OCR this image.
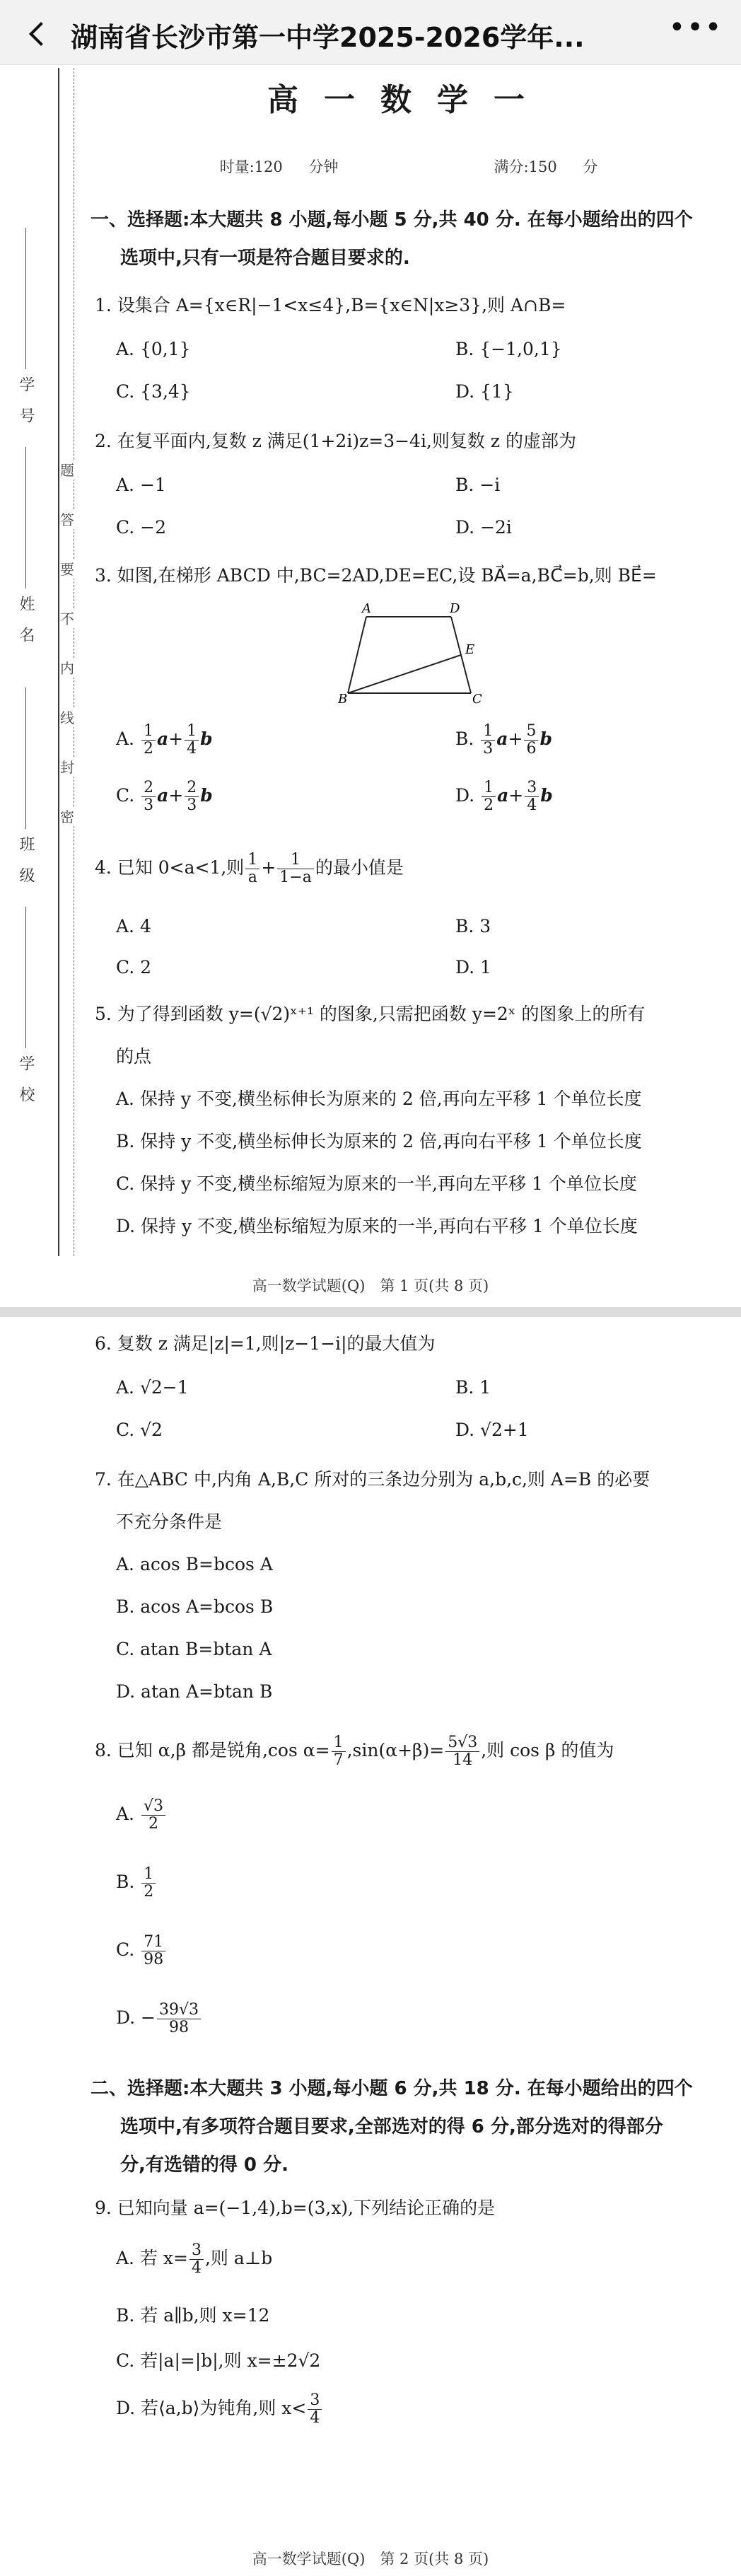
湖南省长沙市第一中学2025-2026学年...	•••
学　号
姓　名
班　级
学　校
题
答
要
不
内
线
封
密
高一数学一
时量:120 分钟	满分:150 分
一、选择题:本大题共 8 小题,每小题 5 分,共 40 分. 在每小题给出的四个
选项中,只有一项是符合题目要求的.
1. 设集合 A={x∈R|−1<x≤4},B={x∈N|x≥3},则 A∩B=
A. {0,1}	B. {−1,0,1}
C. {3,4}	D. {1}
2. 在复平面内,复数 z 满足(1+2i)z=3−4i,则复数 z 的虚部为
A. −1	B. −i
C. −2	D. −2i
3. 如图,在梯形 ABCD 中,BC=2AD,DE=EC,设 BA⃗=a,BC⃗=b,则 BE⃗=
A	D
E
B	C
A. $\frac{1}{2} a+ \frac{1}{4}$ b	B. $\frac{1}{3} a+ \frac{5}{6}$ b
C. $\frac{2}{3} a+ \frac{2}{3}$ b	D. $\frac{1}{2} a+ \frac{3}{4}$ b
4. 已知 0<a<1,则 $\frac{1}{a} + \frac{1}{1-a}$ 的最小值是
A. 4	B. 3
C. 2	D. 1
5. 为了得到函数 y=(√2)ˣ⁺¹ 的图象,只需把函数 y=2ˣ 的图象上的所有
的点
A. 保持 y 不变,横坐标伸长为原来的 2 倍,再向左平移 1 个单位长度
B. 保持 y 不变,横坐标伸长为原来的 2 倍,再向右平移 1 个单位长度
C. 保持 y 不变,横坐标缩短为原来的一半,再向左平移 1 个单位长度
D. 保持 y 不变,横坐标缩短为原来的一半,再向右平移 1 个单位长度
高一数学试题(Q)　第 1 页(共 8 页)
6. 复数 z 满足|z|=1,则|z−1−i|的最大值为
A. √2−1	B. 1
C. √2	D. √2+1
7. 在△ABC 中,内角 A,B,C 所对的三条边分别为 a,b,c,则 A=B 的必要
不充分条件是
A. acos B=bcos A
B. acos A=bcos B
C. atan B=btan A
D. atan A=btan B
8. 已知 α,β 都是锐角,cos $\alpha= \frac{1}{7} ,\sin(\alpha+\beta)= \frac{5√3}{14}$ ,则 cos β 的值为
A. $\frac{√3}{2}$
B. $\frac{1}{2}$
C. $\frac{71}{98}$
D. − $\frac{39√3}{98}$
二、选择题:本大题共 3 小题,每小题 6 分,共 18 分. 在每小题给出的四个
选项中,有多项符合题目要求,全部选对的得 6 分,部分选对的得部分
分,有选错的得 0 分.
9. 已知向量 a=(−1,4),b=(3,x),下列结论正确的是
A. 若 $x= \frac{3}{4}$ ,则 a⊥b
B. 若 a∥b,则 x=12
C. 若|a|=|b|,则 x=±2√2
D. 若⟨a,b⟩为钝角,则 $x< \frac{3}{4}$
高一数学试题(Q)　第 2 页(共 8 页)
